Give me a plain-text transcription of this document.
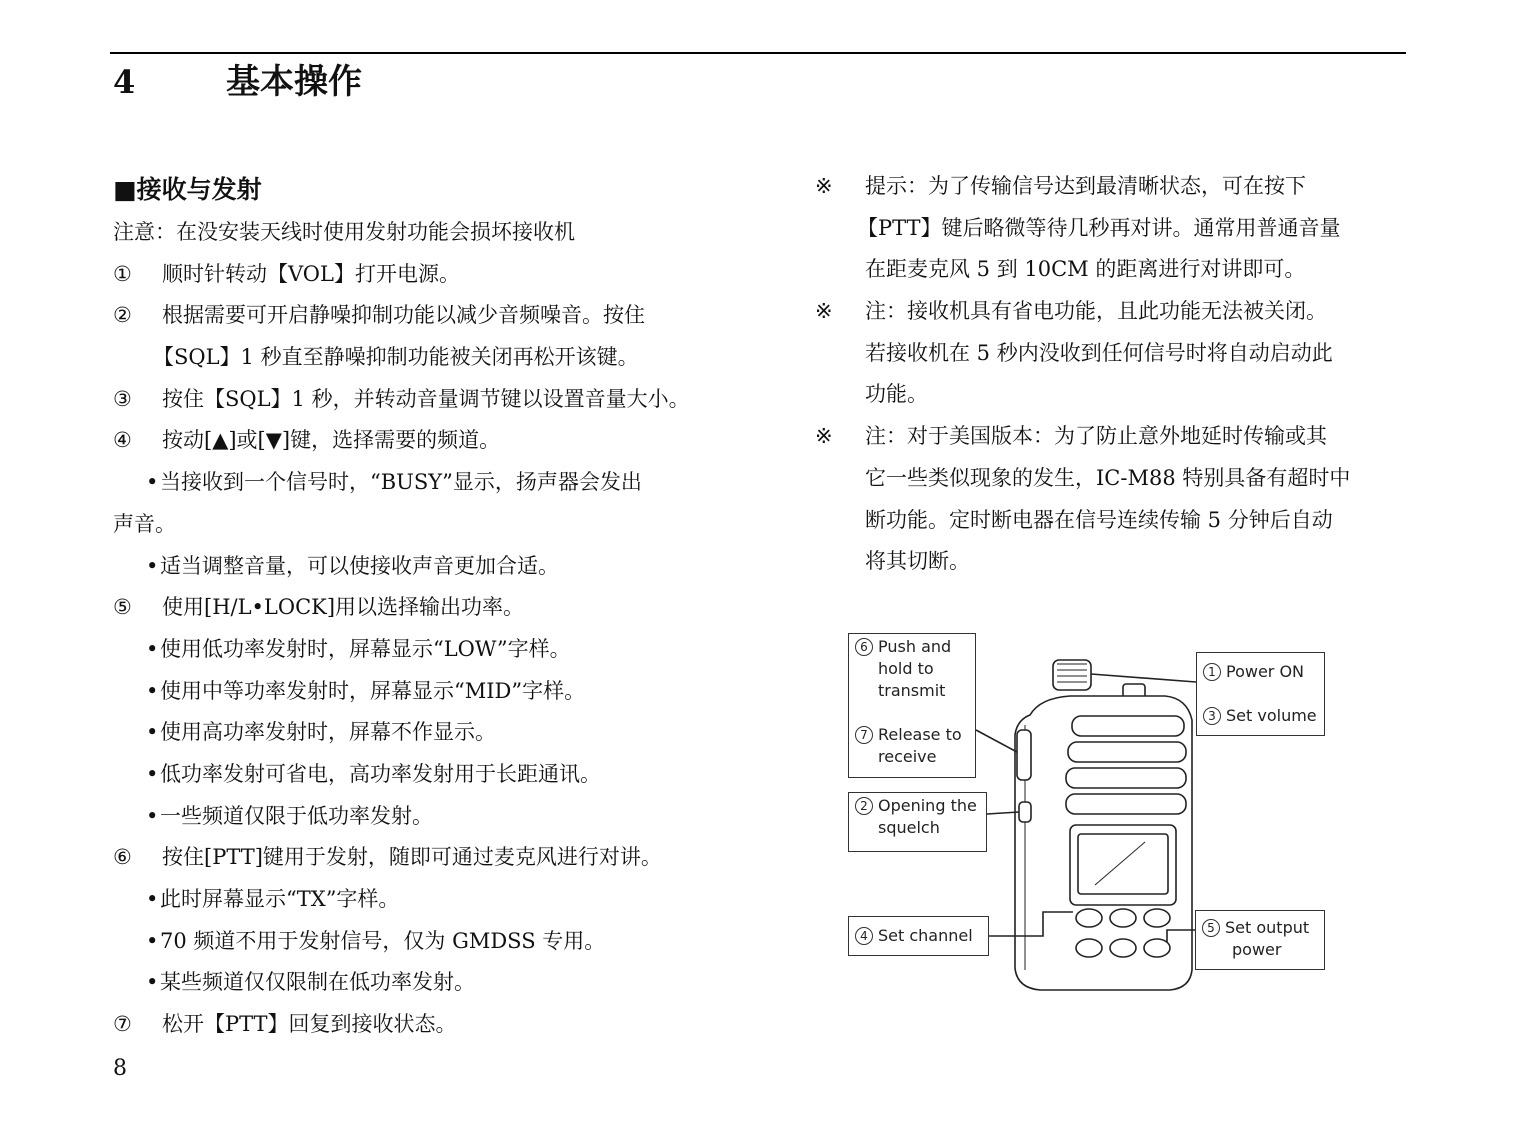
4	基本操作
■接收与发射
注意：在没安装天线时使用发射功能会损坏接收机
①	顺时针转动【VOL】打开电源。
②	根据需要可开启静噪抑制功能以减少音频噪音。按住
【SQL】1 秒直至静噪抑制功能被关闭再松开该键。
③	按住【SQL】1 秒，并转动音量调节键以设置音量大小。
④	按动[▲]或[▼]键，选择需要的频道。
•当接收到一个信号时，“BUSY”显示，扬声器会发出
声音。
•适当调整音量，可以使接收声音更加合适。
⑤	使用[H/L•LOCK]用以选择输出功率。
•使用低功率发射时，屏幕显示“LOW”字样。
•使用中等功率发射时，屏幕显示“MID”字样。
•使用高功率发射时，屏幕不作显示。
•低功率发射可省电，高功率发射用于长距通讯。
•一些频道仅限于低功率发射。
⑥	按住[PTT]键用于发射，随即可通过麦克风进行对讲。
•此时屏幕显示“TX”字样。
•70 频道不用于发射信号，仅为 GMDSS 专用。
•某些频道仅仅限制在低功率发射。
⑦	松开【PTT】回复到接收状态。
※ 提示：为了传输信号达到最清晰状态，可在按下
【PTT】键后略微等待几秒再对讲。通常用普通音量
在距麦克风 5 到 10CM 的距离进行对讲即可。
※ 注：接收机具有省电功能，且此功能无法被关闭。
若接收机在 5 秒内没收到任何信号时将自动启动此
功能。
※ 注：对于美国版本：为了防止意外地延时传输或其
它一些类似现象的发生，IC-M88 特别具备有超时中
断功能。定时断电器在信号连续传输 5 分钟后自动
将其切断。
6 Push and
hold to
transmit
7 Release to
receive
2 Opening the
squelch
4 Set channel
1 Power ON
3 Set volume
5 Set output
power
8
